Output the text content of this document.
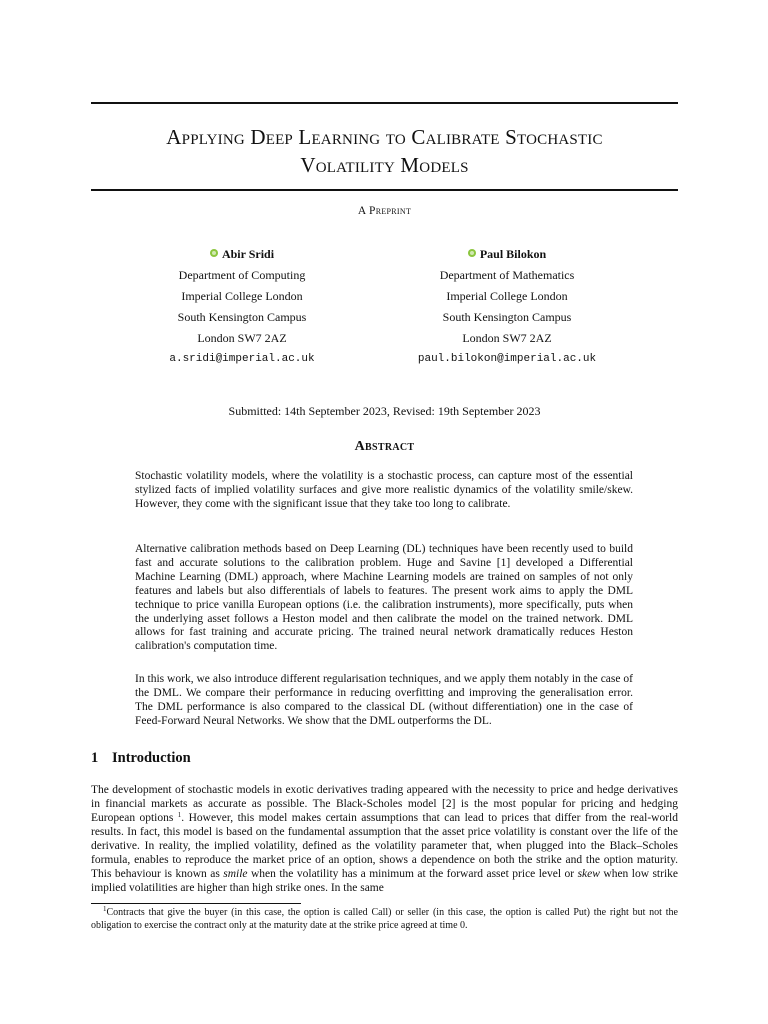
Applying Deep Learning to Calibrate Stochastic
Volatility Models
A Preprint
Abir Sridi
Department of Computing
Imperial College London
South Kensington Campus
London SW7 2AZ
a.sridi@imperial.ac.uk
Paul Bilokon
Department of Mathematics
Imperial College London
South Kensington Campus
London SW7 2AZ
paul.bilokon@imperial.ac.uk
Submitted: 14th September 2023, Revised: 19th September 2023
Abstract
Stochastic volatility models, where the volatility is a stochastic process, can capture most of the essential stylized facts of implied volatility surfaces and give more realistic dynamics of the volatility smile/skew. However, they come with the significant issue that they take too long to calibrate.
Alternative calibration methods based on Deep Learning (DL) techniques have been recently used to build fast and accurate solutions to the calibration problem. Huge and Savine [1] developed a Differential Machine Learning (DML) approach, where Machine Learning models are trained on samples of not only features and labels but also differentials of labels to features. The present work aims to apply the DML technique to price vanilla European options (i.e. the calibration instruments), more specifically, puts when the underlying asset follows a Heston model and then calibrate the model on the trained network. DML allows for fast training and accurate pricing. The trained neural network dramatically reduces Heston calibration's computation time.
In this work, we also introduce different regularisation techniques, and we apply them notably in the case of the DML. We compare their performance in reducing overfitting and improving the generalisation error. The DML performance is also compared to the classical DL (without differentiation) one in the case of Feed-Forward Neural Networks. We show that the DML outperforms the DL.
1 Introduction
The development of stochastic models in exotic derivatives trading appeared with the necessity to price and hedge derivatives in financial markets as accurate as possible. The Black-Scholes model [2] is the most popular for pricing and hedging European options $^1$. However, this model makes certain assumptions that can lead to prices that differ from the real-world results. In fact, this model is based on the fundamental assumption that the asset price volatility is constant over the life of the derivative. In reality, the implied volatility, defined as the volatility parameter that, when plugged into the Black–Scholes formula, enables to reproduce the market price of an option, shows a dependence on both the strike and the option maturity. This behaviour is known as smile when the volatility has a minimum at the forward asset price level or skew when low strike implied volatilities are higher than high strike ones. In the same
$^1$Contracts that give the buyer (in this case, the option is called Call) or seller (in this case, the option is called Put) the right but not the obligation to exercise the contract only at the maturity date at the strike price agreed at time 0.
